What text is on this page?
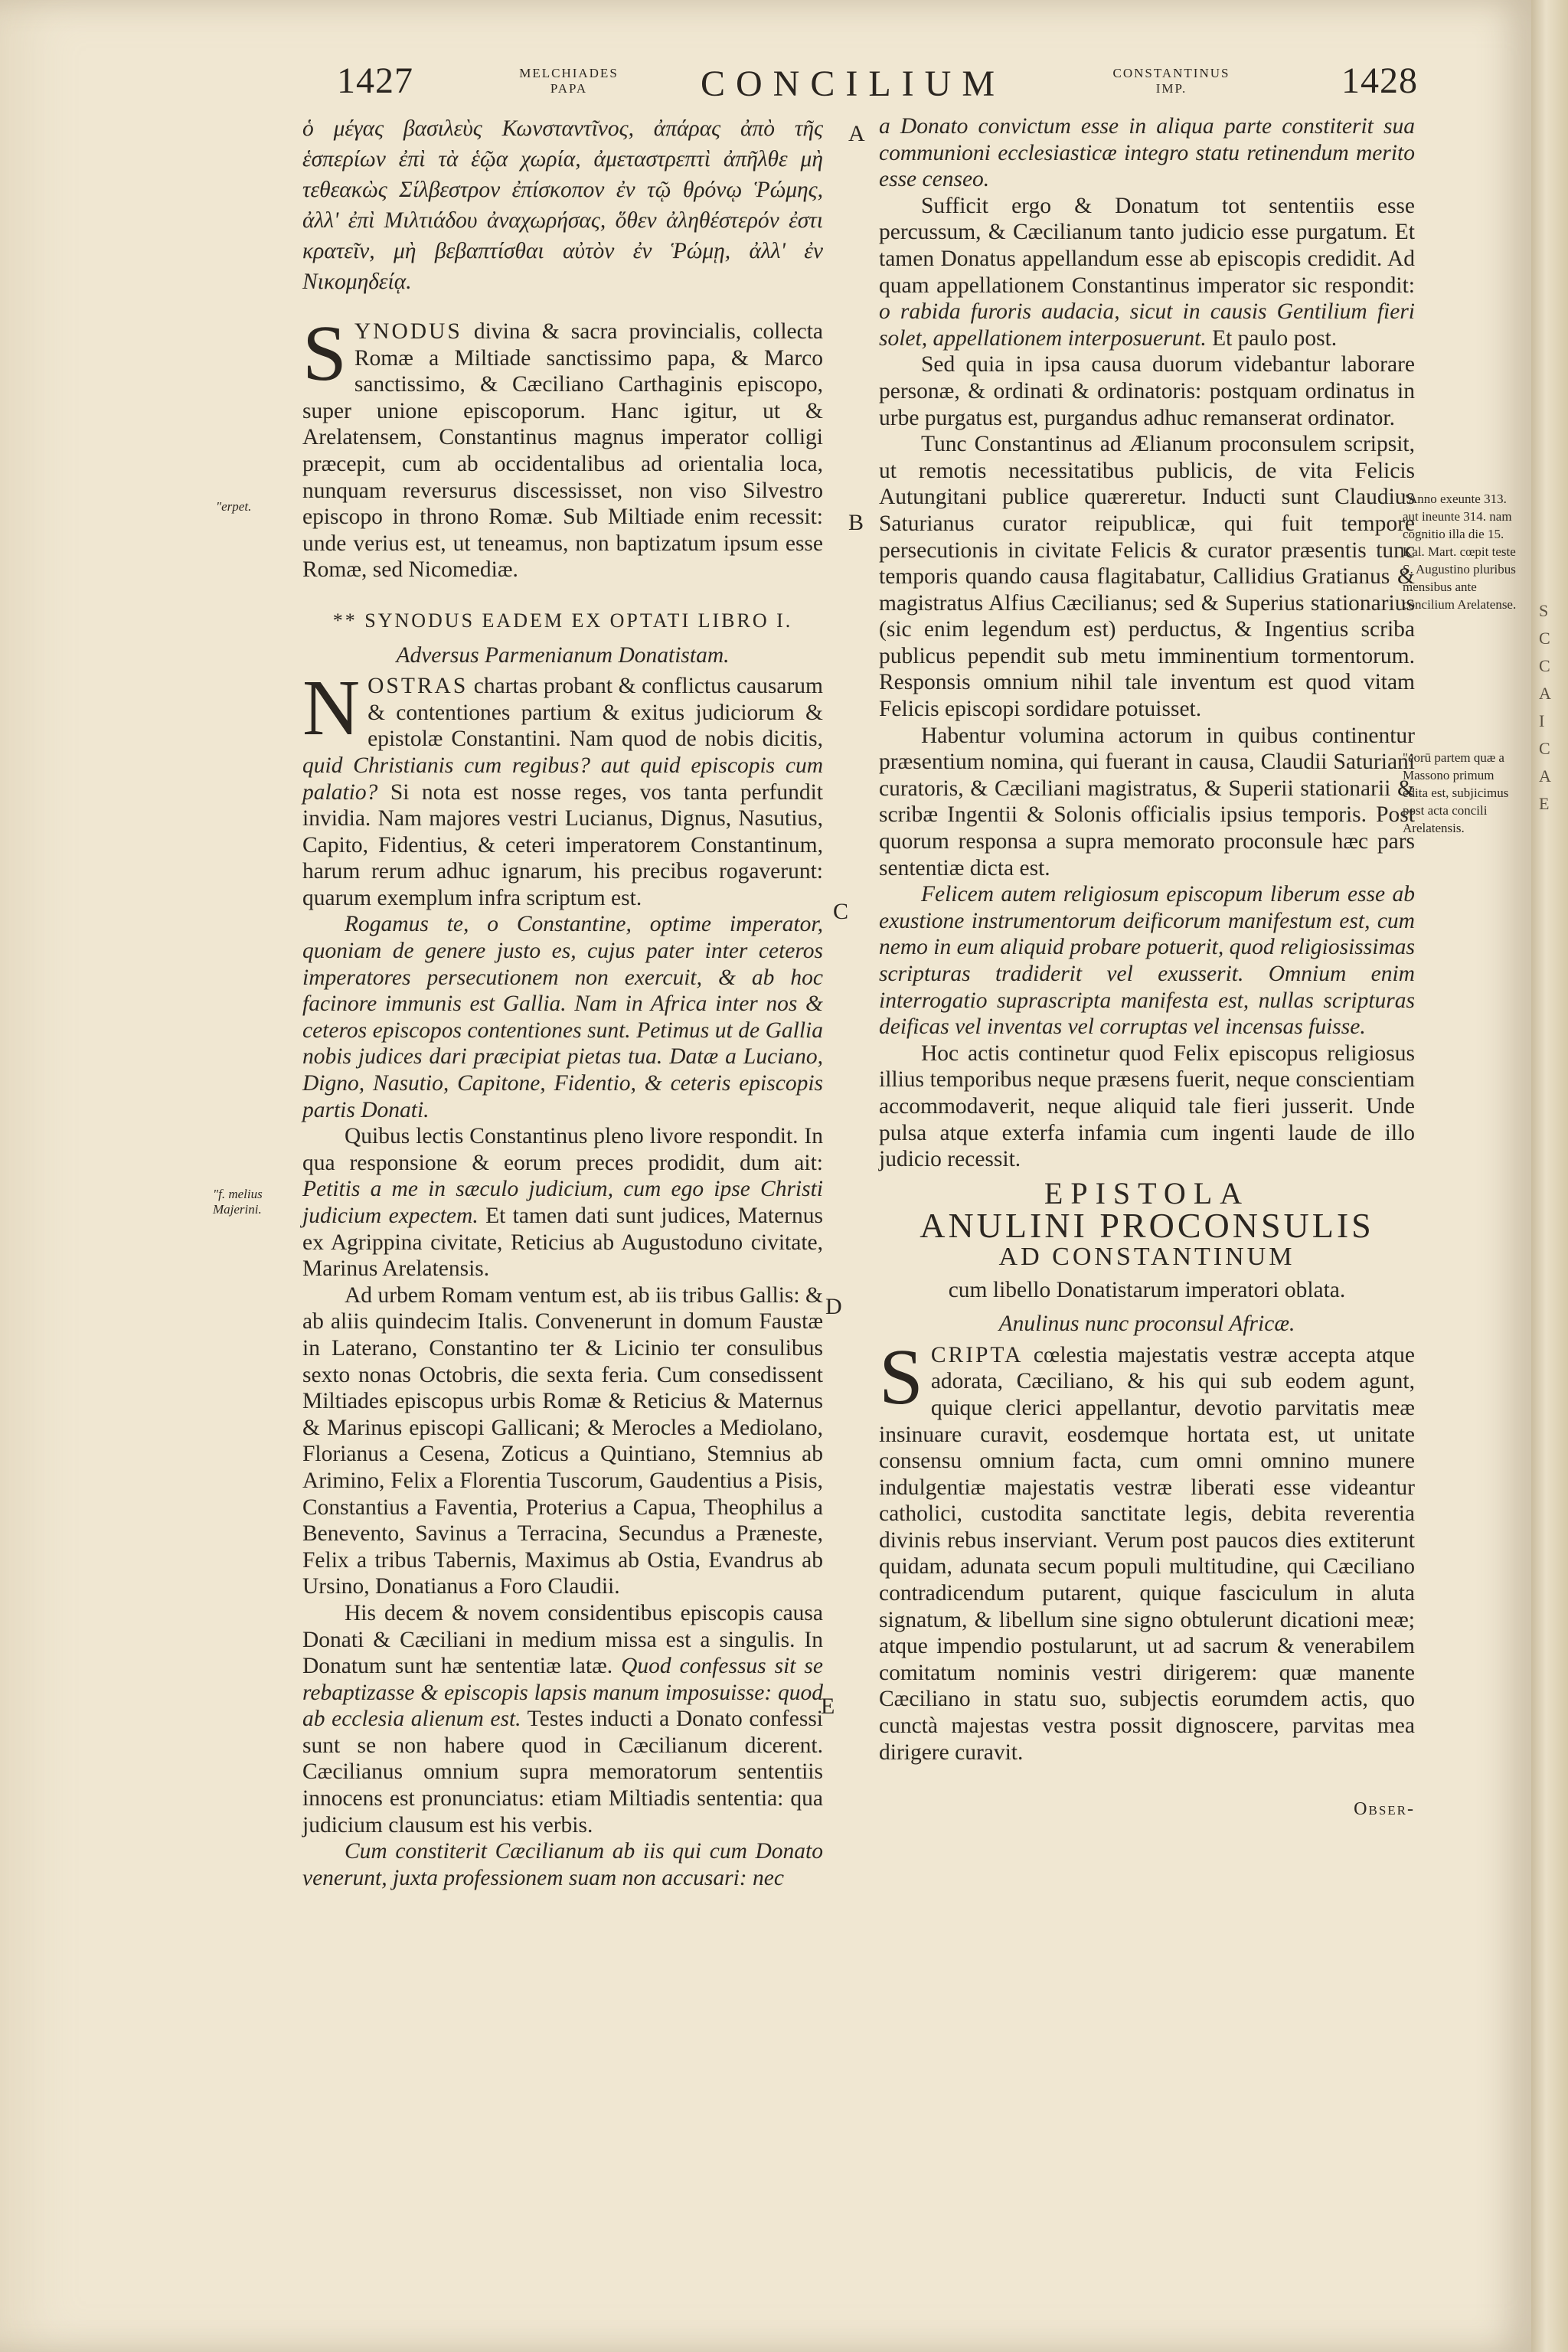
S
C
C
A
I
C
A
E
1427	MELCHIADES
PAPA	CONCILIUM	CONSTANTINUS
IMP.	1428

ὁ μέγας βασιλεὺς Κωνσταντῖνος, ἀπάρας ἀπὸ τῆς ἑσπερίων ἐπὶ τὰ ἑῷα χωρία, ἀμεταστρεπτὶ ἀπῆλθε μὴ τεθεακὼς Σίλβεστρον ἐπίσκοπον ἐν τῷ θρόνῳ Ῥώμης, ἀλλ' ἐπὶ Μιλτιάδου ἀναχωρήσας, ὅθεν ἀληθέστερόν ἐστι κρατεῖν, μὴ βεβαπτίσθαι αὐτὸν ἐν Ῥώμῃ, ἀλλ' ἐν Νικομηδείᾳ.

SYNODUS divina & sacra provincialis, collecta Romæ a Miltiade sanctissimo papa, & Marco sanctissimo, & Cæciliano Carthaginis episcopo, super unione episcoporum. Hanc igitur, ut & Arelatensem, Constantinus magnus imperator colligi præcepit, cum ab occidentalibus ad orientalia loca, nunquam reversurus discessisset, non viso Silvestro episcopo in throno Romæ. Sub Miltiade enim recessit: unde verius est, ut teneamus, non baptizatum ipsum esse Romæ, sed Nicomediæ.

** SYNODUS EADEM EX OPTATI LIBRO I.
Adversus Parmenianum Donatistam.

NOSTRAS chartas probant & conflictus causarum & contentiones partium & exitus judiciorum & epistolæ Constantini. Nam quod de nobis dicitis, quid Christianis cum regibus? aut quid episcopis cum palatio? Si nota est nosse reges, vos tanta perfundit invidia. Nam majores vestri Lucianus, Dignus, Nasutius, Capito, Fidentius, & ceteri imperatorem Constantinum, harum rerum adhuc ignarum, his precibus rogaverunt: quarum exemplum infra scriptum est.

Rogamus te, o Constantine, optime imperator, quoniam de genere justo es, cujus pater inter ceteros imperatores persecutionem non exercuit, & ab hoc facinore immunis est Gallia. Nam in Africa inter nos & ceteros episcopos contentiones sunt. Petimus ut de Gallia nobis judices dari præcipiat pietas tua. Datæ a Luciano, Digno, Nasutio, Capitone, Fidentio, & ceteris episcopis partis Donati.

Quibus lectis Constantinus pleno livore respondit. In qua responsione & eorum preces prodidit, dum ait: Petitis a me in sæculo judicium, cum ego ipse Christi judicium expectem. Et tamen dati sunt judices, Maternus ex Agrippina civitate, Reticius ab Augustoduno civitate, Marinus Arelatensis.

Ad urbem Romam ventum est, ab iis tribus Gallis: & ab aliis quindecim Italis. Convenerunt in domum Faustæ in Laterano, Constantino ter & Licinio ter consulibus sexto nonas Octobris, die sexta feria. Cum consedissent Miltiades episcopus urbis Romæ & Reticius & Maternus & Marinus episcopi Gallicani; & Merocles a Mediolano, Florianus a Cesena, Zoticus a Quintiano, Stemnius ab Arimino, Felix a Florentia Tuscorum, Gaudentius a Pisis, Constantius a Faventia, Proterius a Capua, Theophilus a Benevento, Savinus a Terracina, Secundus a Præneste, Felix a tribus Tabernis, Maximus ab Ostia, Evandrus ab Ursino, Donatianus a Foro Claudii.

His decem & novem considentibus episcopis causa Donati & Cæciliani in medium missa est a singulis. In Donatum sunt hæ sententiæ latæ. Quod confessus sit se rebaptizasse & episcopis lapsis manum imposuisse: quod ab ecclesia alienum est. Testes inducti a Donato confessi sunt se non habere quod in Cæcilianum dicerent. Cæcilianus omnium supra memoratorum sententiis innocens est pronunciatus: etiam Miltiadis sententia: qua judicium clausum est his verbis.

Cum constiterit Cæcilianum ab iis qui cum Donato venerunt, juxta professionem suam non accusari: nec

a Donato convictum esse in aliqua parte constiterit sua communioni ecclesiasticæ integro statu retinendum merito esse censeo.

Sufficit ergo & Donatum tot sententiis esse percussum, & Cæcilianum tanto judicio esse purgatum. Et tamen Donatus appellandum esse ab episcopis credidit. Ad quam appellationem Constantinus imperator sic respondit: o rabida furoris audacia, sicut in causis Gentilium fieri solet, appellationem interposuerunt. Et paulo post.

Sed quia in ipsa causa duorum videbantur laborare personæ, & ordinati & ordinatoris: postquam ordinatus in urbe purgatus est, purgandus adhuc remanserat ordinator.

Tunc Constantinus ad Ælianum proconsulem scripsit, ut remotis necessitatibus publicis, de vita Felicis Autungitani publice quæreretur. Inducti sunt Claudius Saturianus curator reipublicæ, qui fuit tempore persecutionis in civitate Felicis & curator præsentis tunc temporis quando causa flagitabatur, Callidius Gratianus & magistratus Alfius Cæcilianus; sed & Superius stationarius (sic enim legendum est) perductus, & Ingentius scriba publicus pependit sub metu imminentium tormentorum. Responsis omnium nihil tale inventum est quod vitam Felicis episcopi sordidare potuisset.

Habentur volumina actorum in quibus continentur præsentium nomina, qui fuerant in causa, Claudii Saturiani curatoris, & Cæciliani magistratus, & Superii stationarii & scribæ Ingentii & Solonis officialis ipsius temporis. Post quorum responsa a supra memorato proconsule hæc pars sententiæ dicta est.

Felicem autem religiosum episcopum liberum esse ab exustione instrumentorum deificorum manifestum est, cum nemo in eum aliquid probare potuerit, quod religiosissimas scripturas tradiderit vel exusserit. Omnium enim interrogatio suprascripta manifesta est, nullas scripturas deificas vel inventas vel corruptas vel incensas fuisse.

Hoc actis continetur quod Felix episcopus religiosus illius temporibus neque præsens fuerit, neque conscientiam accommodaverit, neque aliquid tale fieri jusserit. Unde pulsa atque exterfa infamia cum ingenti laude de illo judicio recessit.

EPISTOLA
ANULINI PROCONSULIS
AD CONSTANTINUM
cum libello Donatistarum imperatori oblata.
Anulinus nunc proconsul Africæ.

SCRIPTA cœlestia majestatis vestræ accepta atque adorata, Cæciliano, & his qui sub eodem agunt, quique clerici appellantur, devotio parvitatis meæ insinuare curavit, eosdemque hortata est, ut unitate consensu omnium facta, cum omni omnino munere indulgentiæ majestatis vestræ liberati esse videantur catholici, custodita sanctitate legis, debita reverentia divinis rebus inserviant. Verum post paucos dies extiterunt quidam, adunata secum populi multitudine, qui Cæciliano contradicendum putarent, quique fasciculum in aluta signatum, & libellum sine signo obtulerunt dicationi meæ; atque impendio postularunt, ut ad sacrum & venerabilem comitatum nominis vestri dirigerem: quæ manente Cæciliano in statu suo, subjectis eorumdem actis, quo cunctà majestas vestra possit dignoscere, parvitas mea dirigere curavit.

Obser-
A
B
C
D
E
"erpet.
"f. melius Majerini.
"Anno exeunte 313. aut ineunte 314. nam cognitio illa die 15. Kal. Mart. cœpit teste S. Augustino pluribus mensibus ante concilium Arelatense.
"eorū partem quæ a Massono primum edita est, subjicimus post acta concili Arelatensis.
